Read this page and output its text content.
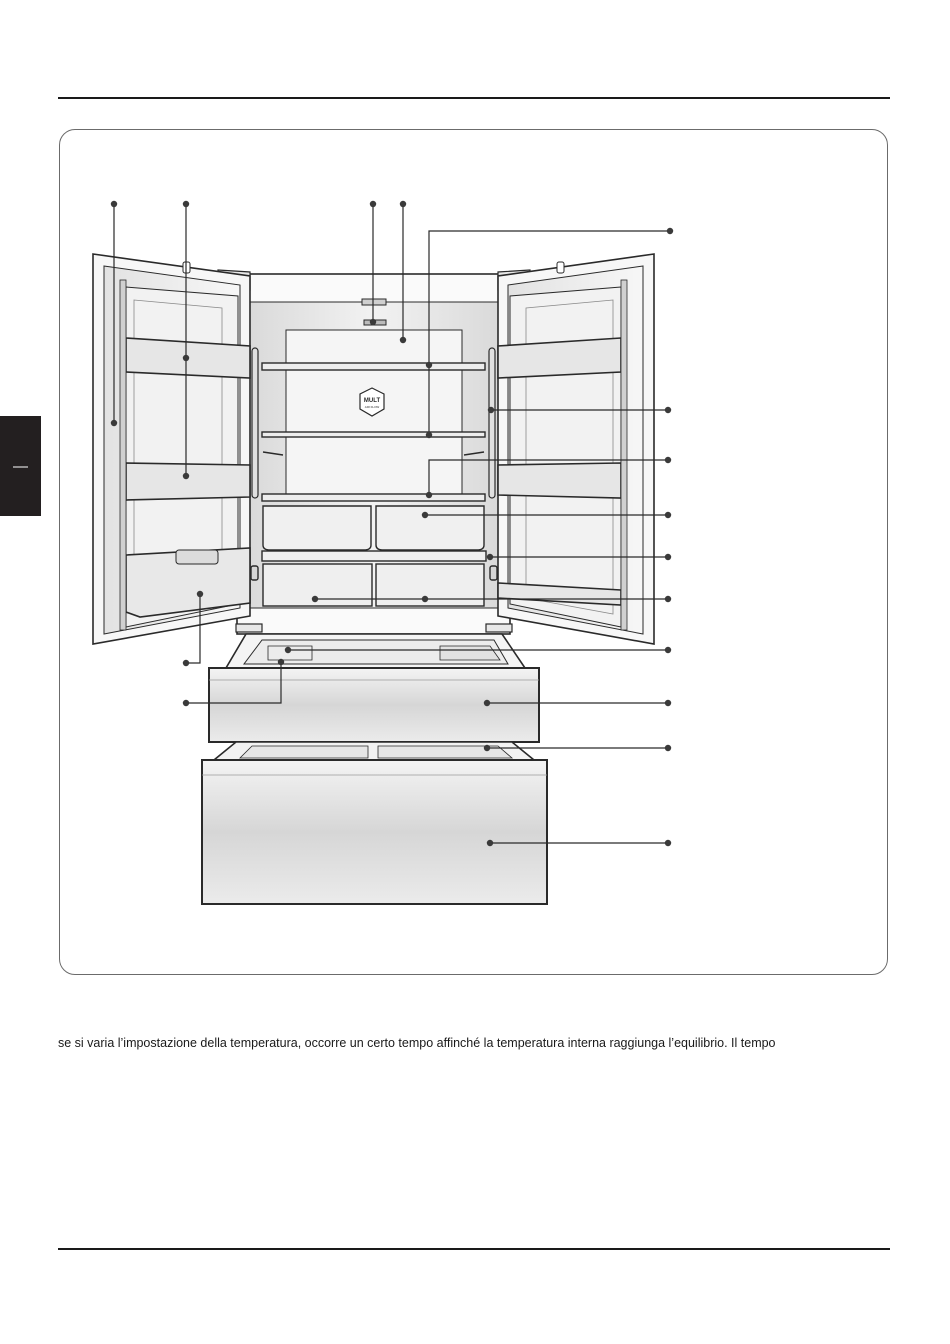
—
MULT
AIR FLOW
se si varia l’impostazione della temperatura, occorre un certo tempo affinché la temperatura interna raggiunga l’equilibrio. Il tempo
